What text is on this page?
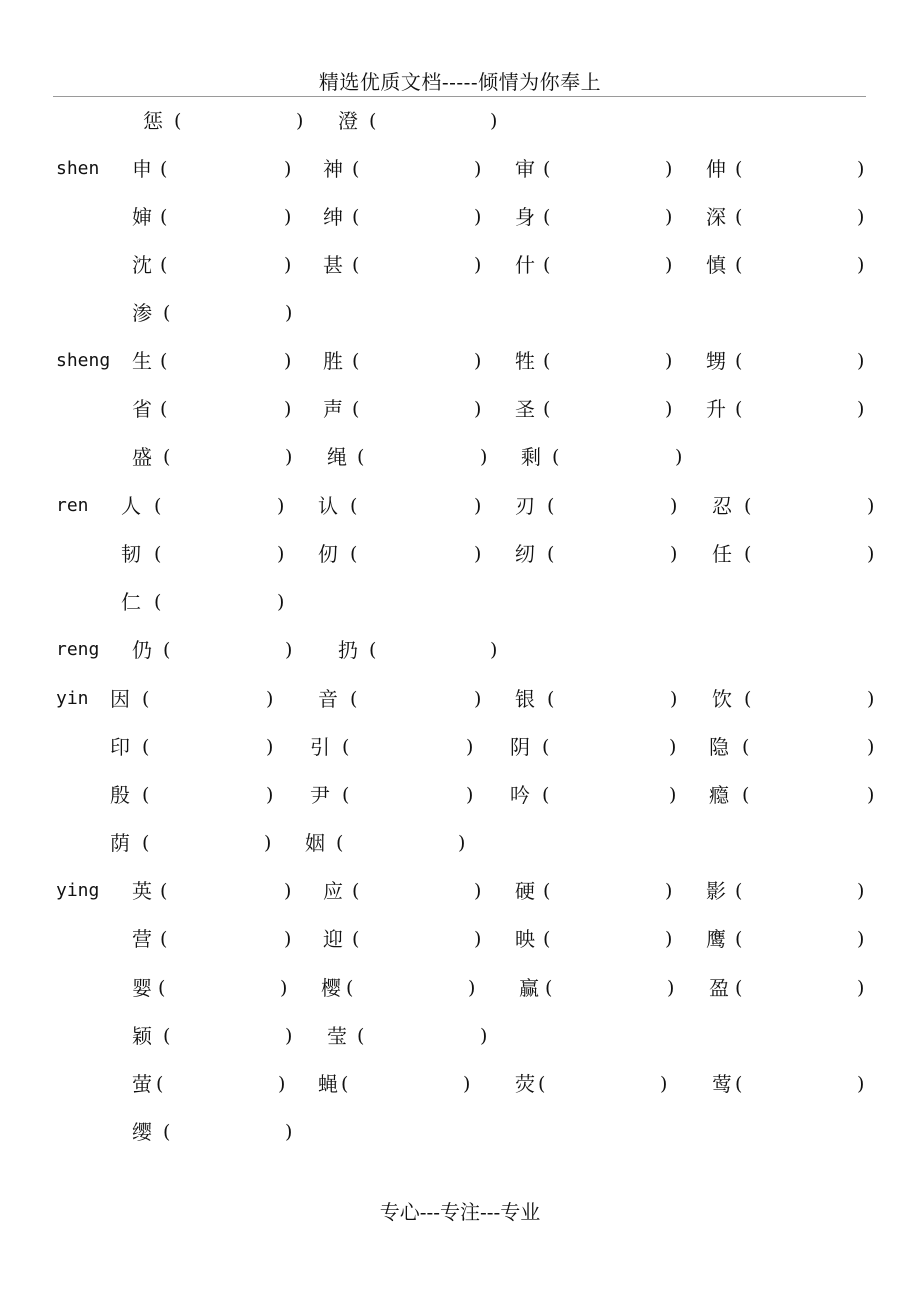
精选优质文档-----倾情为你奉上
惩 (	) 澄 (	)
shen 申 (	) 神 (	) 审 (	) 伸 (	)
婶 (	) 绅 (	) 身 (	) 深 (	)
沈 (	) 甚 (	) 什 (	) 慎 (	)
渗 (	)
sheng 生 (	) 胜 (	) 牲 (	) 甥 (	)
省 (	) 声 (	) 圣 (	) 升 (	)
盛 (	) 绳 (	) 剩 (	)
ren 人 (	) 认 (	) 刃 (	) 忍 (	)
韧 (	) 仞 (	) 纫 (	) 任 (	)
仁 (	)
reng 仍 (	) 扔 (	)
yin 因 (	) 音 (	) 银 (	) 饮 (	)
印 (	) 引 (	) 阴 (	) 隐 (	)
殷 (	) 尹 (	) 吟 (	) 瘾 (	)
荫 (	) 姻 (	)
ying 英 (	) 应 (	) 硬 (	) 影 (	)
营 (	) 迎 (	) 映 (	) 鹰 (	)
婴 (	) 樱 (	) 赢 (	) 盈 (	)
颖 (	) 莹 (	)
萤 (	) 蝇 (	) 荧 (	) 莺 (	)
缨 (	)
专心---专注---专业
